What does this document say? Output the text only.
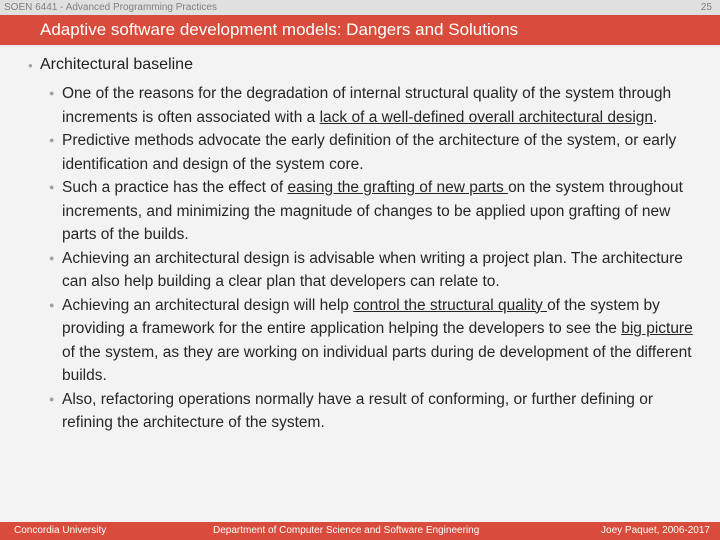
SOEN 6441 - Advanced Programming Practices	25
Adaptive software development models: Dangers and Solutions
● Architectural baseline
● One of the reasons for the degradation of internal structural quality of the system through increments is often associated with a lack of a well-defined overall architectural design.
● Predictive methods advocate the early definition of the architecture of the system, or early identification and design of the system core.
● Such a practice has the effect of easing the grafting of new parts on the system throughout increments, and minimizing the magnitude of changes to be applied upon grafting of new parts of the builds.
● Achieving an architectural design is advisable when writing a project plan. The architecture can also help building a clear plan that developers can relate to.
● Achieving an architectural design will help control the structural quality of the system by providing a framework for the entire application helping the developers to see the big picture of the system, as they are working on individual parts during de development of the different builds.
● Also, refactoring operations normally have a result of conforming, or further defining or refining the architecture of the system.
Concordia University	Department of Computer Science and Software Engineering	Joey Paquet, 2006-2017
